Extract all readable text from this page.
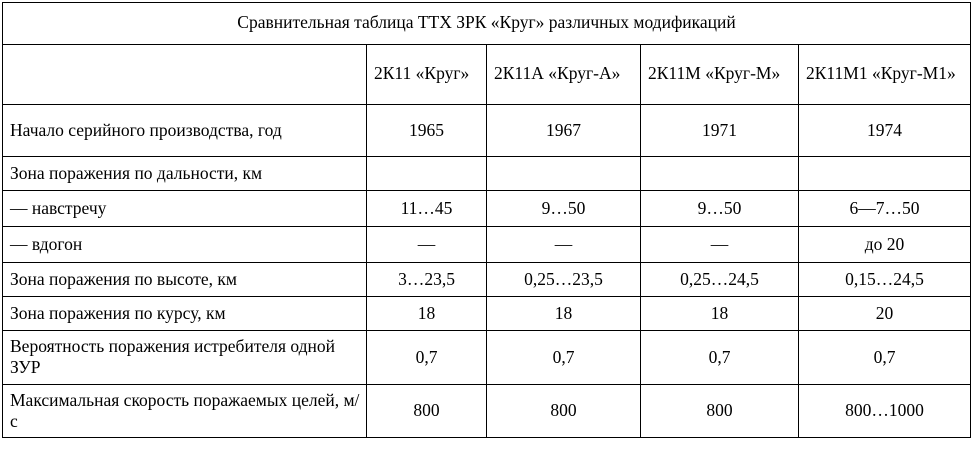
Сравнительная таблица ТТХ ЗРК «Круг» различных модификаций				
	2К11 «Круг»	2К11А «Круг-А»	2К11М «Круг-М»	2К11М1 «Круг-М1»
Начало серийного производства, год	1965	1967	1971	1974
Зона поражения по дальности, км				
— навстречу	11…45	9…50	9…50	6—7…50
— вдогон	—	—	—	до 20
Зона поражения по высоте, км	3…23,5	0,25…23,5	0,25…24,5	0,15…24,5
Зона поражения по курсу, км	18	18	18	20
Вероятность поражения истребителя одной ЗУР	0,7	0,7	0,7	0,7
Максимальная скорость поражаемых целей, м/с	800	800	800	800…1000
